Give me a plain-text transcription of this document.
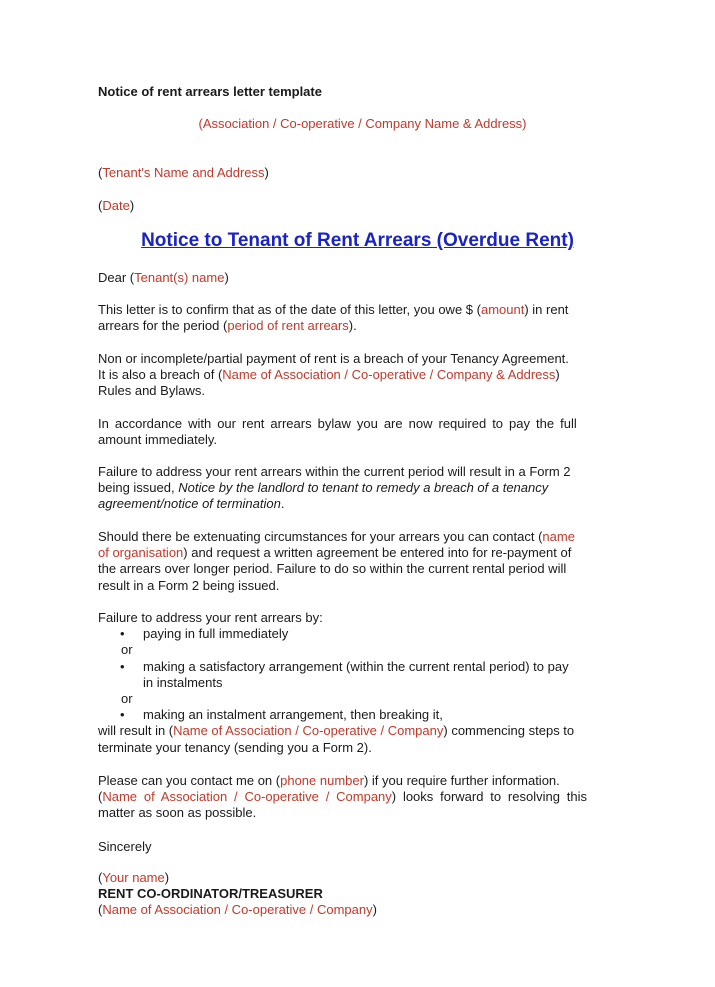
Notice of rent arrears letter template

(Association / Co-operative / Company Name & Address)

(Tenant's Name and Address)

(Date)

Notice to Tenant of Rent Arrears (Overdue Rent)

Dear (Tenant(s) name)

This letter is to confirm that as of the date of this letter, you owe $ (amount) in rent
arrears for the period (period of rent arrears).
Non or incomplete/partial payment of rent is a breach of your Tenancy Agreement.
It is also a breach of (Name of Association / Co-operative / Company & Address)
Rules and Bylaws.
In accordance with our rent arrears bylaw you are now required to pay the full
amount immediately.
Failure to address your rent arrears within the current period will result in a Form 2
being issued, Notice by the landlord to tenant to remedy a breach of a tenancy
agreement/notice of termination.
Should there be extenuating circumstances for your arrears you can contact (name
of organisation) and request a written agreement be entered into for re-payment of
the arrears over longer period. Failure to do so within the current rental period will
result in a Form 2 being issued.
Failure to address your rent arrears by:
• paying in full immediately
or
• making a satisfactory arrangement (within the current rental period) to pay
in instalments
or
• making an instalment arrangement, then breaking it,
will result in (Name of Association / Co-operative / Company) commencing steps to
terminate your tenancy (sending you a Form 2).
Please can you contact me on (phone number) if you require further information.
(Name of Association / Co-operative / Company) looks forward to resolving this
matter as soon as possible.

Sincerely

(Your name)
RENT CO-ORDINATOR/TREASURER
(Name of Association / Co-operative / Company)
